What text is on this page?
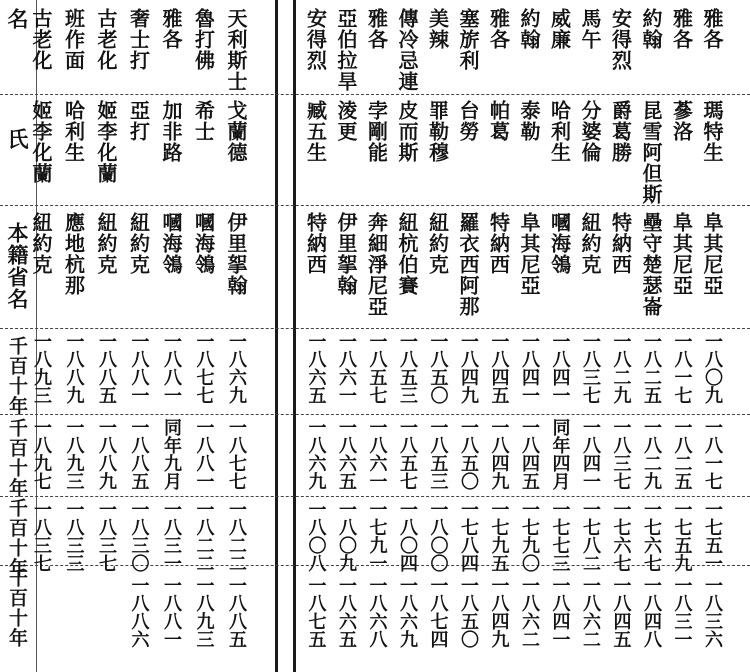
名
氏
本籍省名
千百十年
千百十年
千百十年
千百十年
雅各
瑪特生
阜其尼亞
一八〇九
一八一七
一七五一
一八三六
雅各
蔘洛
阜其尼亞
一八一七
一八二五
一七五九
一八三一
約翰
昆雪阿但斯
壘守楚瑟崙
一八二五
一八二九
一七六七
一八四八
安得烈
爵葛勝
特納西
一八二九
一八三七
一七六七
一八四五
馬午
分婆倫
紐約克
一八三七
一八四一
一七八二
一八六二
威廉
哈利生
嘓海鴒
一八四一
同年四月
一七七三
一八四一
約翰
泰勒
阜其尼亞
一八四一
一八四五
一七九〇
一八六二
雅各
帕葛
特納西
一八四五
一八四九
一七九五
一八四九
塞旂利
台勞
羅衣西阿那
一八四九
一八五〇
一七八四
一八五〇
美辣
罪勒穆
紐約克
一八五〇
一八五三
一八〇〇
一八七四
傳冷忌連
皮而斯
紐杭伯賽
一八五三
一八五七
一八〇四
一八六九
雅各
孛剛能
奔細淨尼亞
一八五七
一八六一
一七九一
一八六八
亞伯拉旱
淩更
伊里挐翰
一八六一
一八六五
一八〇九
一八六五
安得烈
臧五生
特納西
一八六五
一八六九
一八〇八
一八七五
天利斯士
戈蘭德
伊里挐翰
一八六九
一八七七
一八二二
一八八五
魯打佛
希士
嘓海鴒
一八七七
一八八一
一八二二
一八九三
雅各
加非路
嘓海鴒
一八八一
同年九月
一八三一
一八八一
奢士打
亞打
紐約克
一八八一
一八八五
一八三〇
一八八六
古老化
姬李化蘭
紐約克
一八八五
一八八九
一八三七
班作面
哈利生
應地杭那
一八八九
一八九三
一八三三
古老化
姬李化蘭
紐約克
一八九三
一八九七
一八三七
